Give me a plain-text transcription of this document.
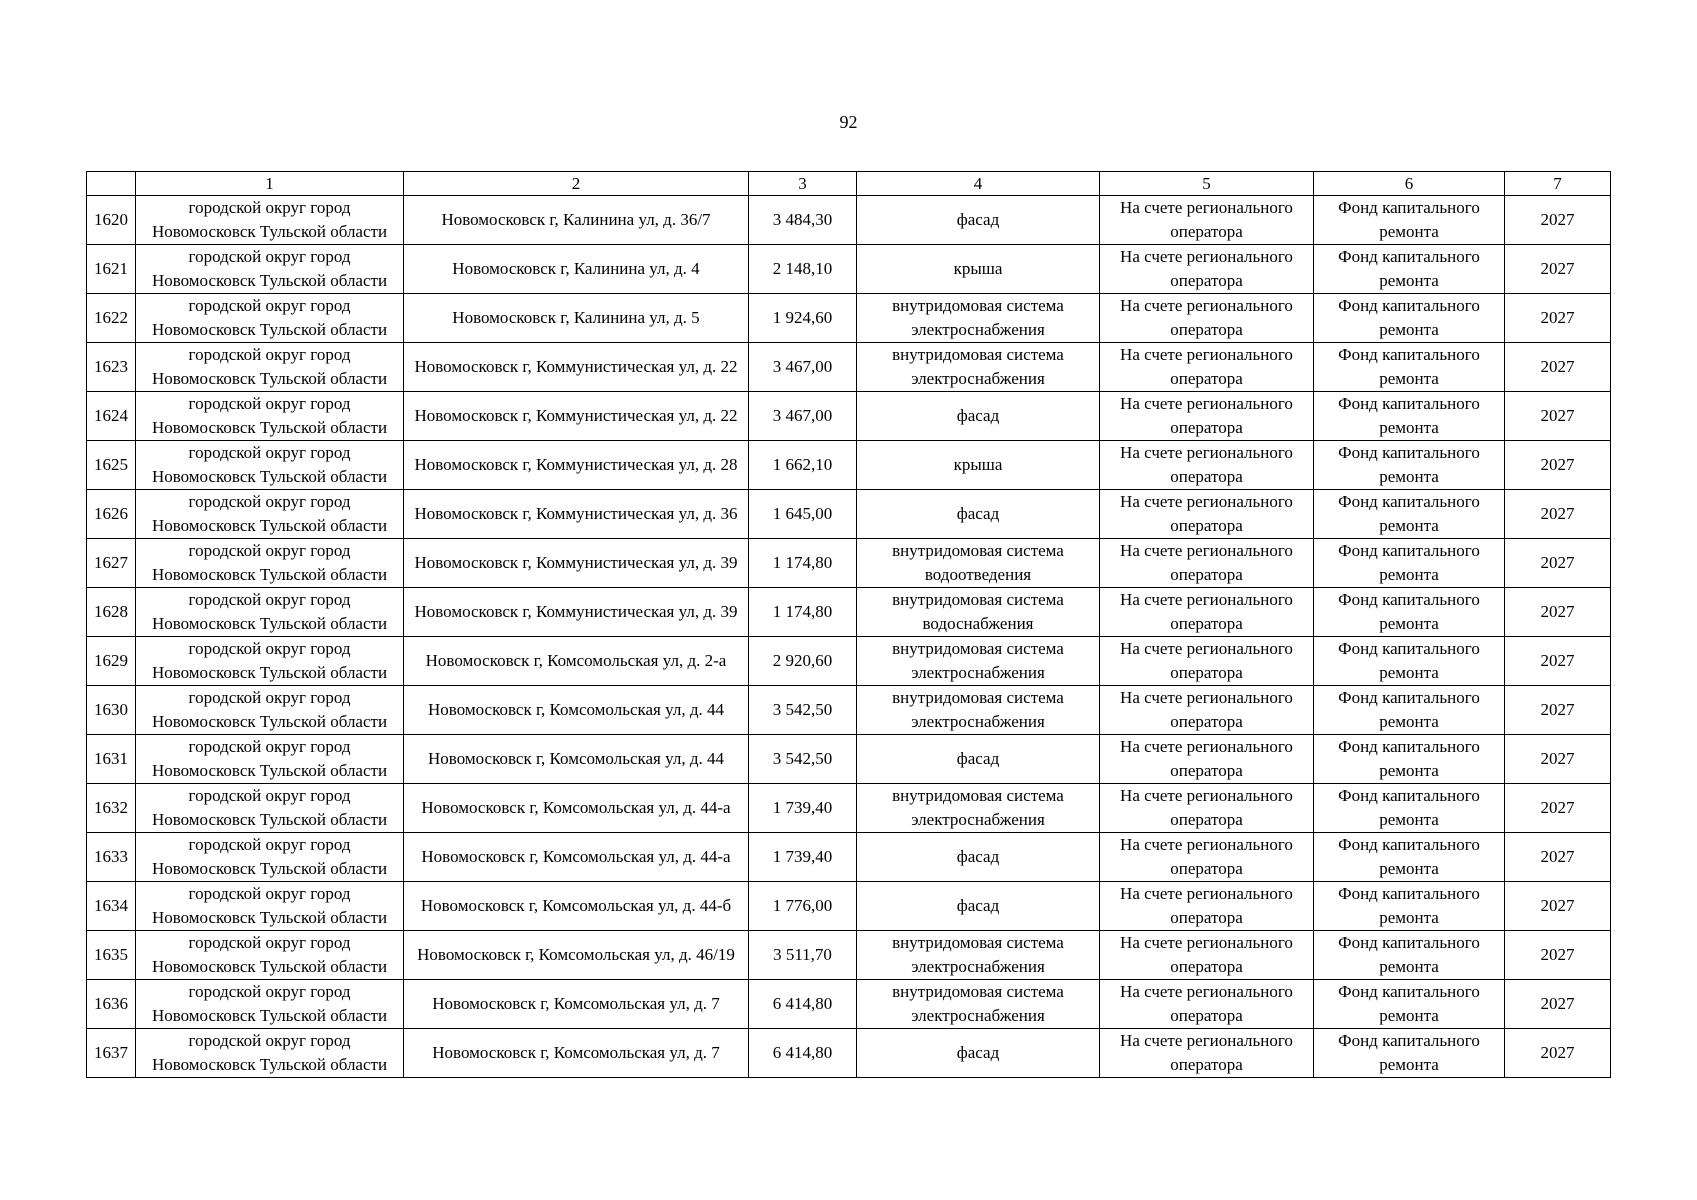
92
	1	2	3	4	5	6	7
1620	городской округ город Новомосковск Тульской области	Новомосковск г, Калинина ул, д. 36/7	3 484,30	фасад	На счете регионального оператора	Фонд капитального ремонта	2027
1621	городской округ город Новомосковск Тульской области	Новомосковск г, Калинина ул, д. 4	2 148,10	крыша	На счете регионального оператора	Фонд капитального ремонта	2027
1622	городской округ город Новомосковск Тульской области	Новомосковск г, Калинина ул, д. 5	1 924,60	внутридомовая система электроснабжения	На счете регионального оператора	Фонд капитального ремонта	2027
1623	городской округ город Новомосковск Тульской области	Новомосковск г, Коммунистическая ул, д. 22	3 467,00	внутридомовая система электроснабжения	На счете регионального оператора	Фонд капитального ремонта	2027
1624	городской округ город Новомосковск Тульской области	Новомосковск г, Коммунистическая ул, д. 22	3 467,00	фасад	На счете регионального оператора	Фонд капитального ремонта	2027
1625	городской округ город Новомосковск Тульской области	Новомосковск г, Коммунистическая ул, д. 28	1 662,10	крыша	На счете регионального оператора	Фонд капитального ремонта	2027
1626	городской округ город Новомосковск Тульской области	Новомосковск г, Коммунистическая ул, д. 36	1 645,00	фасад	На счете регионального оператора	Фонд капитального ремонта	2027
1627	городской округ город Новомосковск Тульской области	Новомосковск г, Коммунистическая ул, д. 39	1 174,80	внутридомовая система водоотведения	На счете регионального оператора	Фонд капитального ремонта	2027
1628	городской округ город Новомосковск Тульской области	Новомосковск г, Коммунистическая ул, д. 39	1 174,80	внутридомовая система водоснабжения	На счете регионального оператора	Фонд капитального ремонта	2027
1629	городской округ город Новомосковск Тульской области	Новомосковск г, Комсомольская ул, д. 2-а	2 920,60	внутридомовая система электроснабжения	На счете регионального оператора	Фонд капитального ремонта	2027
1630	городской округ город Новомосковск Тульской области	Новомосковск г, Комсомольская ул, д. 44	3 542,50	внутридомовая система электроснабжения	На счете регионального оператора	Фонд капитального ремонта	2027
1631	городской округ город Новомосковск Тульской области	Новомосковск г, Комсомольская ул, д. 44	3 542,50	фасад	На счете регионального оператора	Фонд капитального ремонта	2027
1632	городской округ город Новомосковск Тульской области	Новомосковск г, Комсомольская ул, д. 44-а	1 739,40	внутридомовая система электроснабжения	На счете регионального оператора	Фонд капитального ремонта	2027
1633	городской округ город Новомосковск Тульской области	Новомосковск г, Комсомольская ул, д. 44-а	1 739,40	фасад	На счете регионального оператора	Фонд капитального ремонта	2027
1634	городской округ город Новомосковск Тульской области	Новомосковск г, Комсомольская ул, д. 44-б	1 776,00	фасад	На счете регионального оператора	Фонд капитального ремонта	2027
1635	городской округ город Новомосковск Тульской области	Новомосковск г, Комсомольская ул, д. 46/19	3 511,70	внутридомовая система электроснабжения	На счете регионального оператора	Фонд капитального ремонта	2027
1636	городской округ город Новомосковск Тульской области	Новомосковск г, Комсомольская ул, д. 7	6 414,80	внутридомовая система электроснабжения	На счете регионального оператора	Фонд капитального ремонта	2027
1637	городской округ город Новомосковск Тульской области	Новомосковск г, Комсомольская ул, д. 7	6 414,80	фасад	На счете регионального оператора	Фонд капитального ремонта	2027
